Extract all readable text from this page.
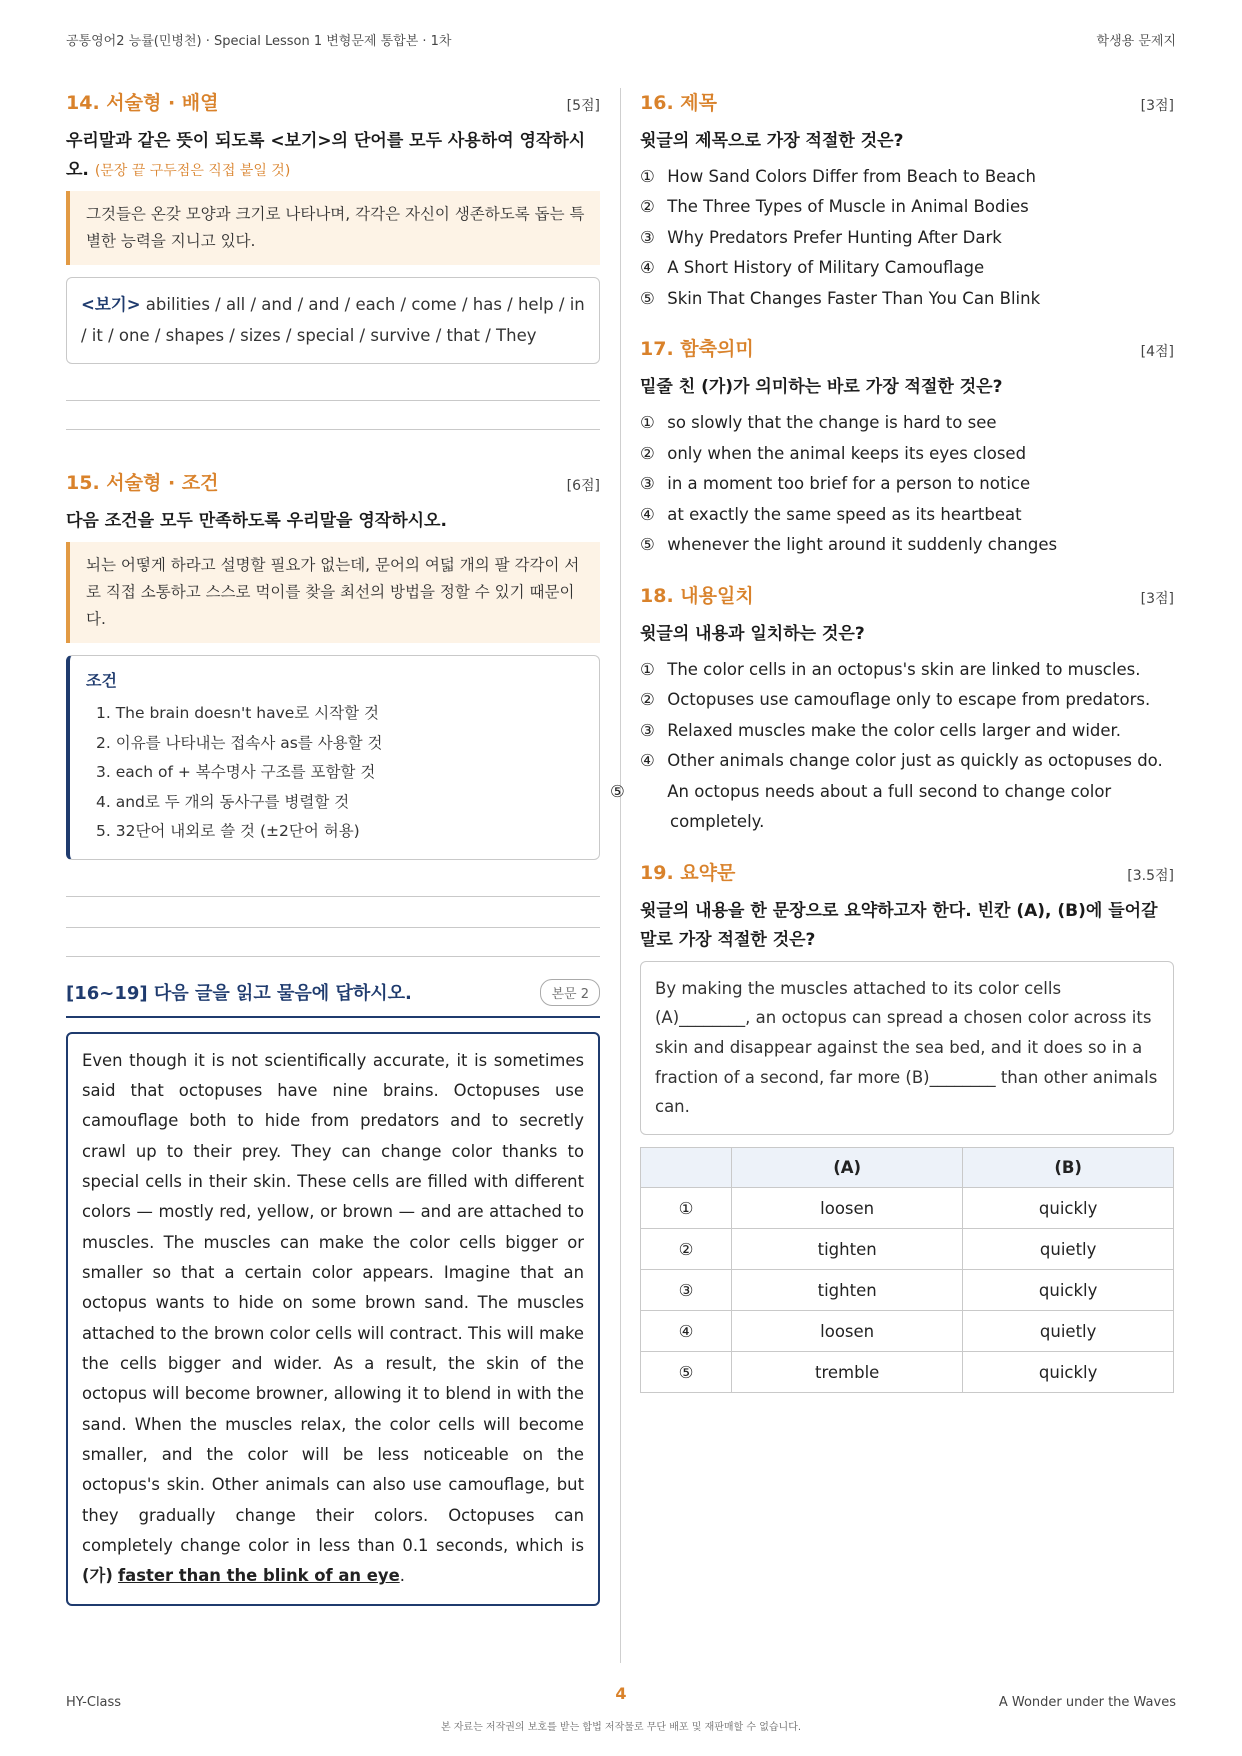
공통영어2 능률(민병천) · Special Lesson 1 변형문제 통합본 · 1차	학생용 문제지
14. 서술형 · 배열	[5점]
우리말과 같은 뜻이 되도록 <보기>의 단어를 모두 사용하여 영작하시오. (문장 끝 구두점은 직접 붙일 것)
그것들은 온갖 모양과 크기로 나타나며, 각각은 자신이 생존하도록 돕는 특별한 능력을 지니고 있다.
<보기> abilities / all / and / and / each / come / has / help / in / it / one / shapes / sizes / special / survive / that / They
15. 서술형 · 조건	[6점]
다음 조건을 모두 만족하도록 우리말을 영작하시오.
뇌는 어떻게 하라고 설명할 필요가 없는데, 문어의 여덟 개의 팔 각각이 서로 직접 소통하고 스스로 먹이를 찾을 최선의 방법을 정할 수 있기 때문이다.
조건
1. The brain doesn't have로 시작할 것
2. 이유를 나타내는 접속사 as를 사용할 것
3. each of + 복수명사 구조를 포함할 것
4. and로 두 개의 동사구를 병렬할 것
5. 32단어 내외로 쓸 것 (±2단어 허용)
[16~19] 다음 글을 읽고 물음에 답하시오.	본문 2
Even though it is not scientifically accurate, it is sometimes said that octopuses have nine brains. Octopuses use camouflage both to hide from predators and to secretly crawl up to their prey. They can change color thanks to special cells in their skin. These cells are filled with different colors — mostly red, yellow, or brown — and are attached to muscles. The muscles can make the color cells bigger or smaller so that a certain color appears. Imagine that an octopus wants to hide on some brown sand. The muscles attached to the brown color cells will contract. This will make the cells bigger and wider. As a result, the skin of the octopus will become browner, allowing it to blend in with the sand. When the muscles relax, the color cells will become smaller, and the color will be less noticeable on the octopus's skin. Other animals can also use camouflage, but they gradually change their colors. Octopuses can completely change color in less than 0.1 seconds, which is (가) faster than the blink of an eye.
16. 제목	[3점]
윗글의 제목으로 가장 적절한 것은?
① How Sand Colors Differ from Beach to Beach
② The Three Types of Muscle in Animal Bodies
③ Why Predators Prefer Hunting After Dark
④ A Short History of Military Camouflage
⑤ Skin That Changes Faster Than You Can Blink
17. 함축의미	[4점]
밑줄 친 (가)가 의미하는 바로 가장 적절한 것은?
① so slowly that the change is hard to see
② only when the animal keeps its eyes closed
③ in a moment too brief for a person to notice
④ at exactly the same speed as its heartbeat
⑤ whenever the light around it suddenly changes
18. 내용일치	[3점]
윗글의 내용과 일치하는 것은?
① The color cells in an octopus's skin are linked to muscles.
② Octopuses use camouflage only to escape from predators.
③ Relaxed muscles make the color cells larger and wider.
④ Other animals change color just as quickly as octopuses do.
⑤	An octopus needs about a full second to change color completely.
19. 요약문	[3.5점]
윗글의 내용을 한 문장으로 요약하고자 한다. 빈칸 (A), (B)에 들어갈 말로 가장 적절한 것은?
By making the muscles attached to its color cells (A)________, an octopus can spread a chosen color across its skin and disappear against the sea bed, and it does so in a fraction of a second, far more (B)________ than other animals can.
	(A)	(B)
①	loosen	quickly
②	tighten	quietly
③	tighten	quickly
④	loosen	quietly
⑤	tremble	quickly
HY-Class	4	A Wonder under the Waves
본 자료는 저작권의 보호를 받는 합법 저작물로 무단 배포 및 재판매할 수 없습니다.
